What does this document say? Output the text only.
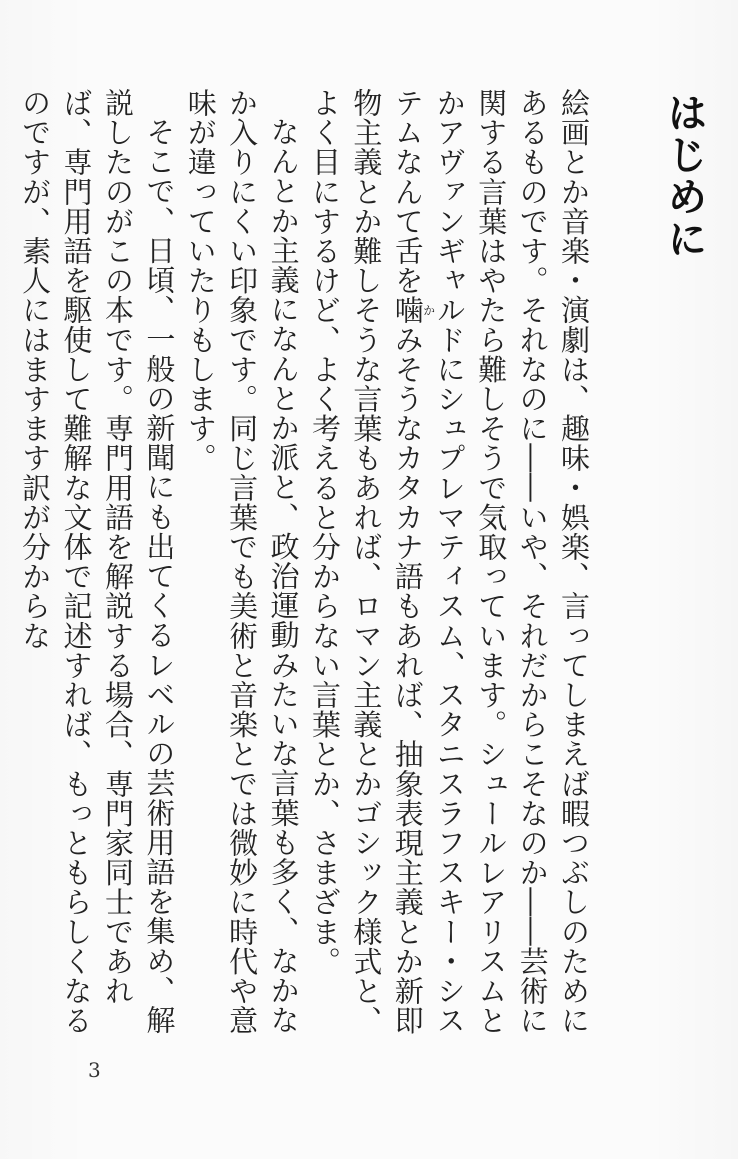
はじめに

絵画とか音楽・演劇は、趣味・娯楽、言ってしまえば暇つぶしのためにあるものです。それなのに――いや、それだからこそなのか――芸術に関する言葉はやたら難しそうで気取っています。シュールレアリスムとかアヴァンギャルドにシュプレマティスム、スタニスラフスキー・システムなんて舌を噛かみそうなカタカナ語もあれば、抽象表現主義とか新即物主義とか難しそうな言葉もあれば、ロマン主義とかゴシック様式と、よく目にするけど、よく考えると分からない言葉とか、さまざま。

なんとか主義になんとか派と、政治運動みたいな言葉も多く、なかなか入りにくい印象です。同じ言葉でも美術と音楽とでは微妙に時代や意味が違っていたりもします。

そこで、日頃、一般の新聞にも出てくるレベルの芸術用語を集め、解説したのがこの本です。専門用語を解説する場合、専門家同士であれば、専門用語を駆使して難解な文体で記述すれば、もっともらしくなるのですが、素人にはますます訳が分からな

3
